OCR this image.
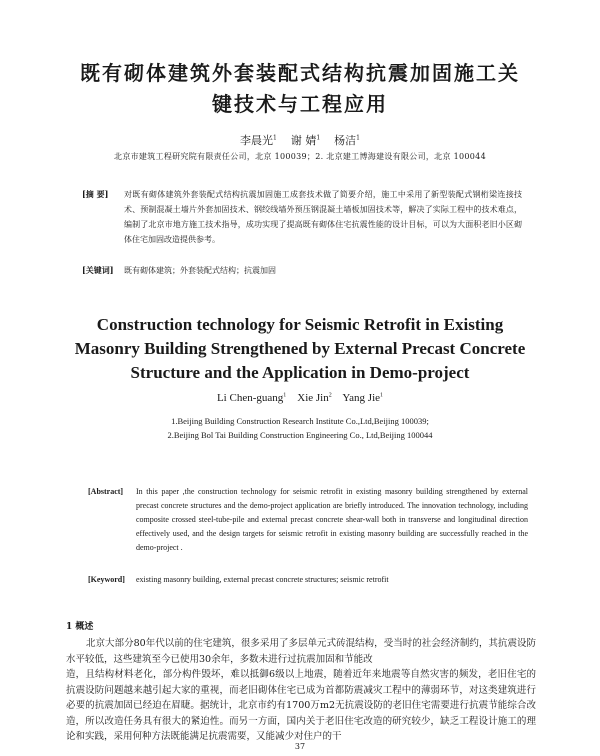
既有砌体建筑外套装配式结构抗震加固施工关
键技术与工程应用
李晨光$^1$ 谢 婧$^1$ 杨洁$^1$
北京市建筑工程研究院有限责任公司，北京 100039；2. 北京建工博海建设有限公司，北京 100044
[摘 要] 对既有砌体建筑外套装配式结构抗震加固施工成套技术做了简要介绍，施工中采用了新型装配式钢桁梁连接技术、预制混凝土墙片外套加固技术、钢绞线墙外预压钢混凝土墙板加固技术等，解决了实际工程中的技术难点，编制了北京市地方施工技术指导，成功实现了提高既有砌体住宅抗震性能的设计目标，可以为大面积老旧小区砌体住宅加固改造提供参考。
[关键词] 既有砌体建筑；外套装配式结构；抗震加固
Construction technology for Seismic Retrofit in Existing
Masonry Building Strengthened by External Precast Concrete
Structure and the Application in Demo-project
Li Chen-guang$^1$ Xie Jin$^2$ Yang Jie$^1$
1.Beijing Building Construction Research Institute Co.,Ltd,Beijing 100039;
2.Beijing Bol Tai Building Construction Engineering Co., Ltd,Beijing 100044
[Abstract] In this paper ,the construction technology for seismic retrofit in existing masonry building strengthened by external precast concrete structures and the demo-project application are briefly introduced. The innovation technology, including composite crossed steel-tube-pile and external precast concrete shear-wall both in transverse and longitudinal direction effectively used, and the design targets for seismic retrofit in existing masonry building are successfully reached in the demo-project .
[Keyword] existing masonry building, external precast concrete structures; seismic retrofit
1 概述

北京大部分80年代以前的住宅建筑，很多采用了多层单元式砖混结构，受当时的社会经济制约，其抗震设防水平较低，这些建筑至今已使用30余年，多数未进行过抗震加固和节能改

造，且结构材料老化，部分构件毁坏，难以抵御6级以上地震，随着近年来地震等自然灾害的频发，老旧住宅的抗震设防问题越来越引起大家的重视，而老旧砌体住宅已成为首都防震减灾工程中的薄弱环节，对这类建筑进行必要的抗震加固已经迫在眉睫。据统计，北京市约有1700万m2无抗震设防的老旧住宅需要进行抗震节能综合改造，所以改造任务具有很大的紧迫性。而另一方面，国内关于老旧住宅改造的研究较少，缺乏工程设计施工的理论和实践，采用何种方法既能满足抗震需要，又能减少对住户的干

37
